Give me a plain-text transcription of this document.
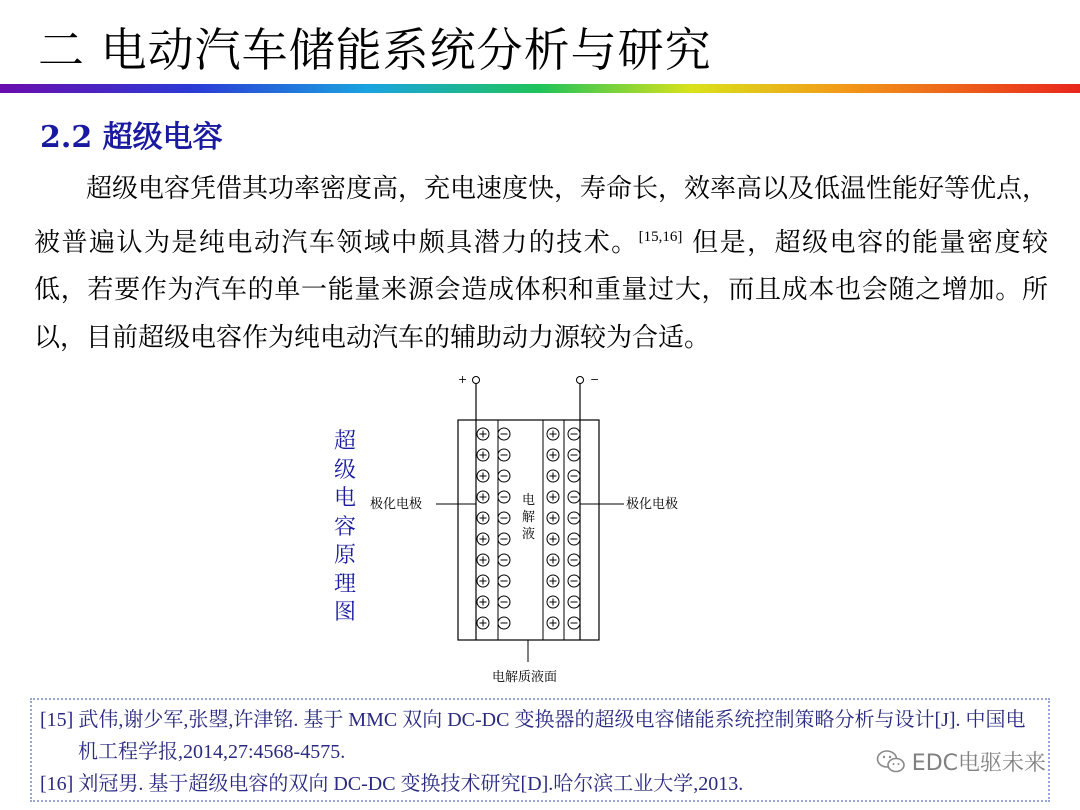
二 电动汽车储能系统分析与研究
2.2 超级电容
超级电容凭借其功率密度高，充电速度快，寿命长，效率高以及低温性能好等优点，被普遍认为是纯电动汽车领域中颇具潜力的技术。[15,16] 但是，超级电容的能量密度较低，若要作为汽车的单一能量来源会造成体积和重量过大，而且成本也会随之增加。所以，目前超级电容作为纯电动汽车的辅助动力源较为合适。
超级电容原理图
+	−
极化电极	极化电极
电
解
液
电解质液面
[15] 武伟,谢少军,张曌,许津铭. 基于 MMC 双向 DC-DC 变换器的超级电容储能系统控制策略分析与设计[J]. 中国电机工程学报,2014,27:4568-4575.
[16] 刘冠男. 基于超级电容的双向 DC-DC 变换技术研究[D].哈尔滨工业大学,2013.
EDC电驱未来
